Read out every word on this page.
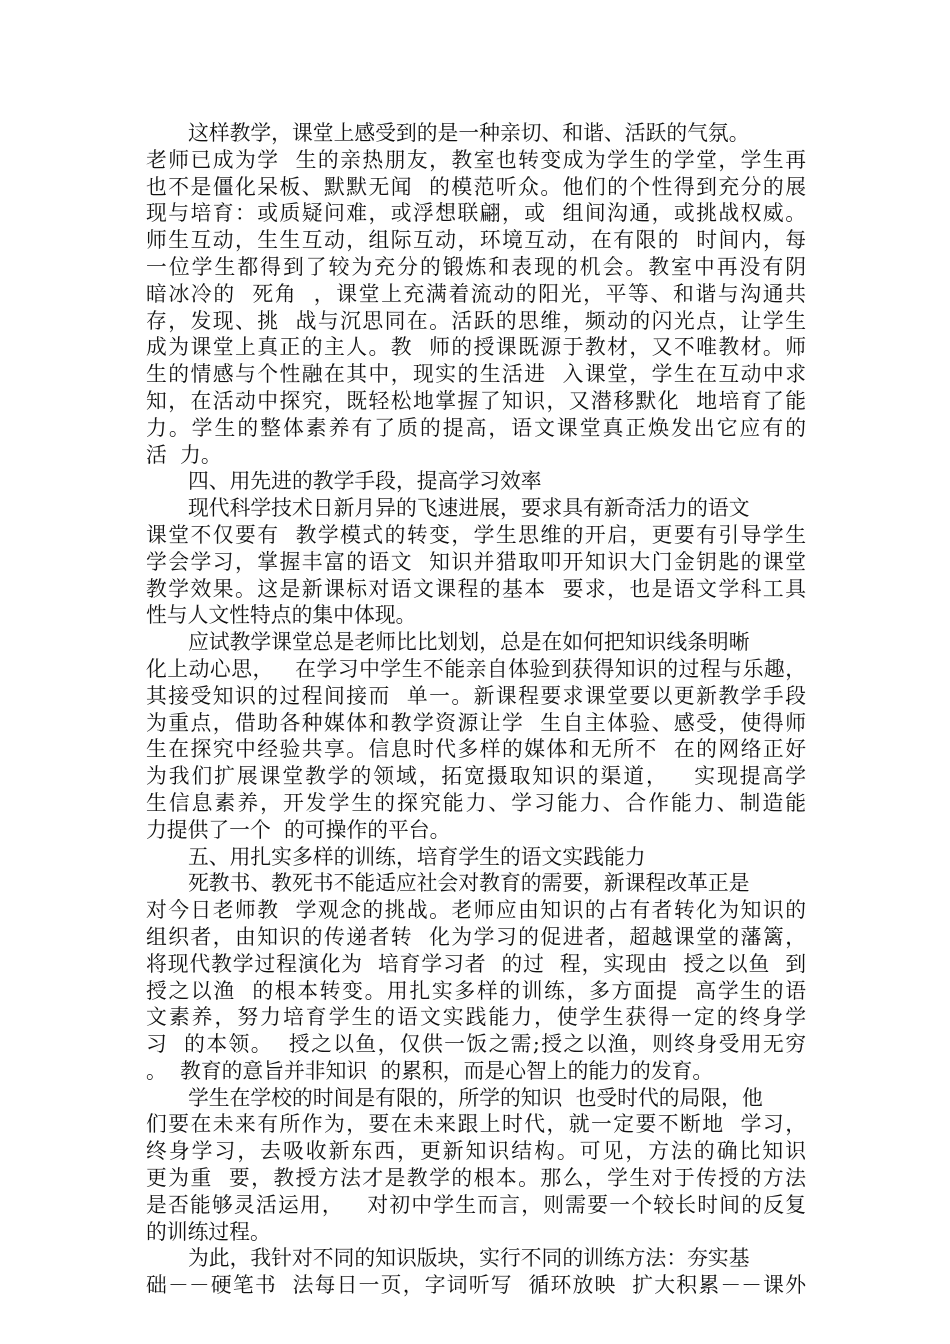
这样教学，课堂上感受到的是一种亲切、和谐、活跃的气氛。
老师已成为学  生的亲热朋友，教室也转变成为学生的学堂，学生再
也不是僵化呆板、默默无闻  的模范听众。他们的个性得到充分的展
现与培育：或质疑问难，或浮想联翩，或  组间沟通，或挑战权威。
师生互动，生生互动，组际互动，环境互动，在有限的  时间内，每
一位学生都得到了较为充分的锻炼和表现的机会。教室中再没有阴
暗冰冷的  死角  ，课堂上充满着流动的阳光，平等、和谐与沟通共
存，发现、挑  战与沉思同在。活跃的思维，频动的闪光点，让学生
成为课堂上真正的主人。教  师的授课既源于教材，又不唯教材。师
生的情感与个性融在其中，现实的生活进  入课堂，学生在互动中求
知，在活动中探究，既轻松地掌握了知识，又潜移默化  地培育了能
力。学生的整体素养有了质的提高，语文课堂真正焕发出它应有的
活  力。
四、用先进的教学手段，提高学习效率
现代科学技术日新月异的飞速进展，要求具有新奇活力的语文
课堂不仅要有  教学模式的转变，学生思维的开启，更要有引导学生
学会学习，掌握丰富的语文  知识并猎取叩开知识大门金钥匙的课堂
教学效果。这是新课标对语文课程的基本  要求，也是语文学科工具
性与人文性特点的集中体现。
应试教学课堂总是老师比比划划，总是在如何把知识线条明晰
化上动心思，   在学习中学生不能亲自体验到获得知识的过程与乐趣，
其接受知识的过程间接而  单一。新课程要求课堂要以更新教学手段
为重点，借助各种媒体和教学资源让学  生自主体验、感受，使得师
生在探究中经验共享。信息时代多样的媒体和无所不  在的网络正好
为我们扩展课堂教学的领域，拓宽摄取知识的渠道，   实现提高学
生信息素养，开发学生的探究能力、学习能力、合作能力、制造能
力提供了一个  的可操作的平台。
五、用扎实多样的训练，培育学生的语文实践能力
死教书、教死书不能适应社会对教育的需要，新课程改革正是
对今日老师教  学观念的挑战。老师应由知识的占有者转化为知识的
组织者，由知识的传递者转  化为学习的促进者，超越课堂的藩篱，
将现代教学过程演化为  培育学习者  的过  程，实现由  授之以鱼  到
授之以渔  的根本转变。用扎实多样的训练，多方面提  高学生的语
文素养，努力培育学生的语文实践能力，使学生获得一定的终身学
习  的本领。  授之以鱼，仅供一饭之需;授之以渔，则终身受用无穷
。  教育的意旨并非知识  的累积，而是心智上的能力的发育。
学生在学校的时间是有限的，所学的知识  也受时代的局限，他
们要在未来有所作为，要在未来跟上时代，就一定要不断地  学习，
终身学习，去吸收新东西，更新知识结构。可见，方法的确比知识
更为重  要，教授方法才是教学的根本。那么，学生对于传授的方法
是否能够灵活运用，   对初中学生而言，则需要一个较长时间的反复
的训练过程。
为此，我针对不同的知识版块，实行不同的训练方法：夯实基
础－－硬笔书  法每日一页，字词听写  循环放映  扩大积累－－课外
